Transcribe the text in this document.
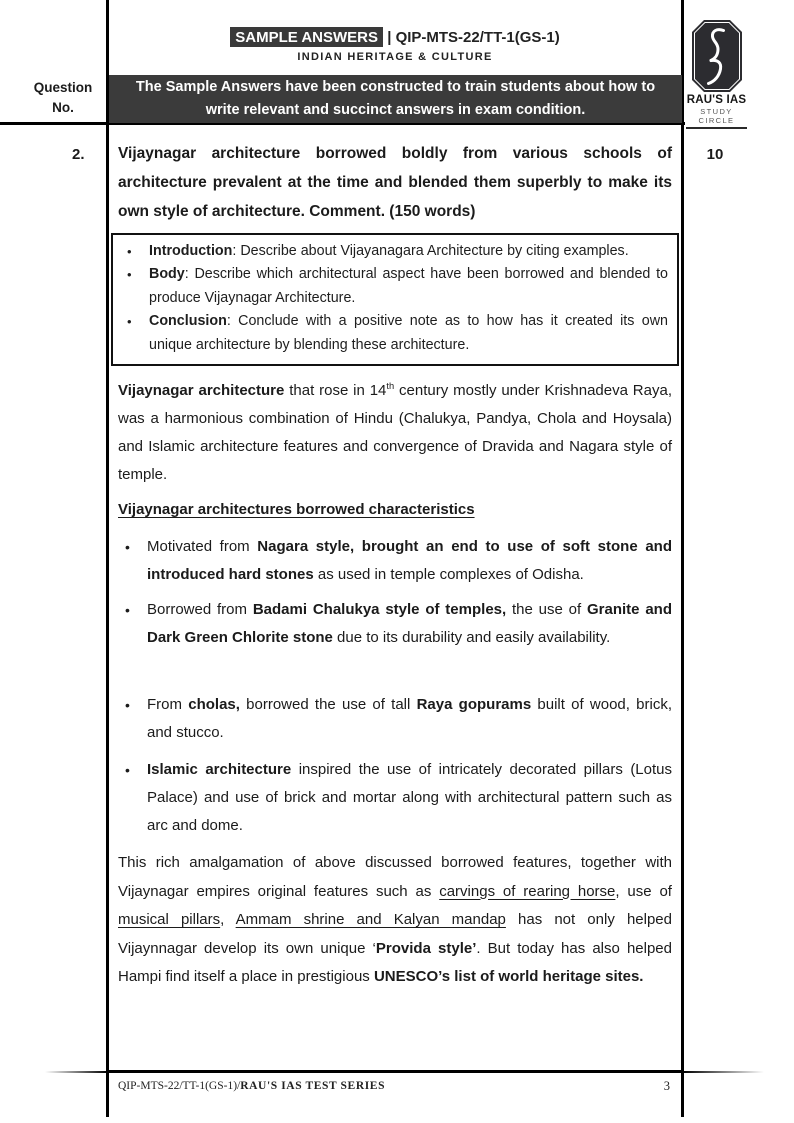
SAMPLE ANSWERS | QIP-MTS-22/TT-1(GS-1)
INDIAN HERITAGE & CULTURE
The Sample Answers have been constructed to train students about how to
write relevant and succinct answers in exam condition.
RAU'S IAS
STUDY CIRCLE
Question
No.
2.	10
Vijaynagar architecture borrowed boldly from various schools of architecture prevalent at the time and blended them superbly to make its own style of architecture. Comment. (150 words)
• Introduction: Describe about Vijayanagara Architecture by citing examples.
• Body: Describe which architectural aspect have been borrowed and blended to produce Vijaynagar Architecture.
• Conclusion: Conclude with a positive note as to how has it created its own unique architecture by blending these architecture.
Vijaynagar architecture that rose in 14th century mostly under Krishnadeva Raya, was a harmonious combination of Hindu (Chalukya, Pandya, Chola and Hoysala) and Islamic architecture features and convergence of Dravida and Nagara style of temple.
Vijaynagar architectures borrowed characteristics
• Motivated from Nagara style, brought an end to use of soft stone and introduced hard stones as used in temple complexes of Odisha.
• Borrowed from Badami Chalukya style of temples, the use of Granite and Dark Green Chlorite stone due to its durability and easily availability.
• From cholas, borrowed the use of tall Raya gopurams built of wood, brick, and stucco.
• Islamic architecture inspired the use of intricately decorated pillars (Lotus Palace) and use of brick and mortar along with architectural pattern such as arc and dome.
This rich amalgamation of above discussed borrowed features, together with Vijaynagar empires original features such as carvings of rearing horse, use of musical pillars, Ammam shrine and Kalyan mandap has not only helped Vijaynnagar develop its own unique ‘Provida style’. But today has also helped Hampi find itself a place in prestigious UNESCO’s list of world heritage sites.
QIP-MTS-22/TT-1(GS-1)/RAU'S IAS TEST SERIES	3
